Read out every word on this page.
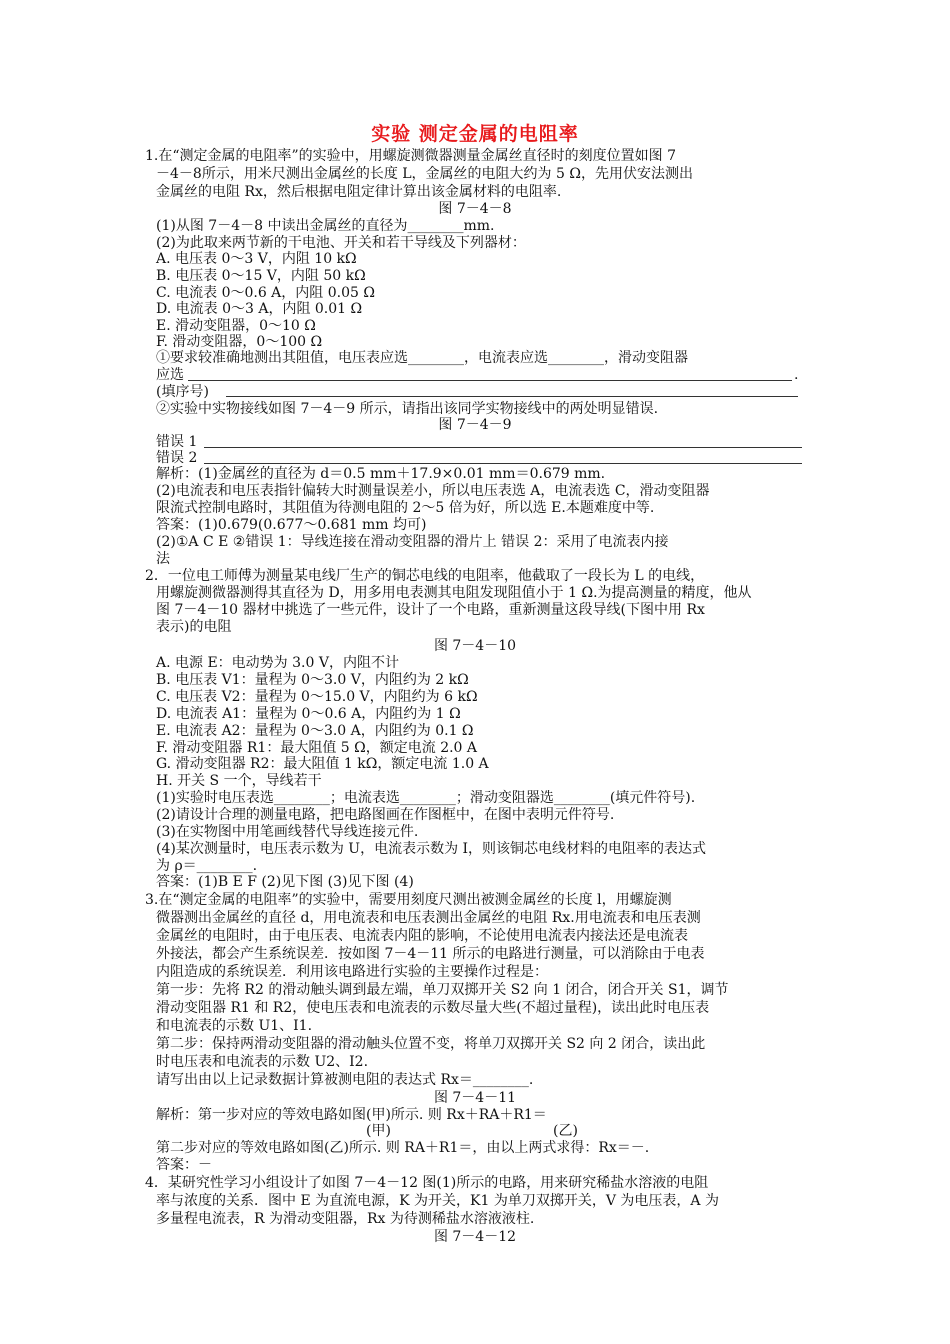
实验 测定金属的电阻率
1.在“测定金属的电阻率”的实验中，用螺旋测微器测量金属丝直径时的刻度位置如图 7
－4－8所示，用米尺测出金属丝的长度 L，金属丝的电阻大约为 5 Ω，先用伏安法测出
金属丝的电阻 Rx，然后根据电阻定律计算出该金属材料的电阻率.
图 7－4－8
(1)从图 7－4－8 中读出金属丝的直径为________mm.
(2)为此取来两节新的干电池、开关和若干导线及下列器材：
A. 电压表 0～3 V，内阻 10 kΩ
B. 电压表 0～15 V，内阻 50 kΩ
C. 电流表 0～0.6 A，内阻 0.05 Ω
D. 电流表 0～3 A，内阻 0.01 Ω
E. 滑动变阻器，0～10 Ω
F. 滑动变阻器，0～100 Ω
①要求较准确地测出其阻值，电压表应选________，电流表应选________，滑动变阻器
应选	.
(填序号)
②实验中实物接线如图 7－4－9 所示，请指出该同学实物接线中的两处明显错误.
图 7－4－9
错误 1
错误 2
解析：(1)金属丝的直径为 d＝0.5 mm＋17.9×0.01 mm＝0.679 mm.
(2)电流表和电压表指针偏转大时测量误差小，所以电压表选 A，电流表选 C，滑动变阻器
限流式控制电路时，其阻值为待测电阻的 2～5 倍为好，所以选 E.本题难度中等.
答案：(1)0.679(0.677～0.681 mm 均可)
(2)①A C E ②错误 1：导线连接在滑动变阻器的滑片上 错误 2：采用了电流表内接
法
2．一位电工师傅为测量某电线厂生产的铜芯电线的电阻率，他截取了一段长为 L 的电线，
用螺旋测微器测得其直径为 D，用多用电表测其电阻发现阻值小于 1 Ω.为提高测量的精度，他从
图 7－4－10 器材中挑选了一些元件，设计了一个电路，重新测量这段导线(下图中用 Rx
表示)的电阻
图 7－4－10
A. 电源 E：电动势为 3.0 V，内阻不计
B. 电压表 V1：量程为 0～3.0 V，内阻约为 2 kΩ
C. 电压表 V2：量程为 0～15.0 V，内阻约为 6 kΩ
D. 电流表 A1：量程为 0～0.6 A，内阻约为 1 Ω
E. 电流表 A2：量程为 0～3.0 A，内阻约为 0.1 Ω
F. 滑动变阻器 R1：最大阻值 5 Ω，额定电流 2.0 A
G. 滑动变阻器 R2：最大阻值 1 kΩ，额定电流 1.0 A
H. 开关 S 一个，导线若干
(1)实验时电压表选________；电流表选________；滑动变阻器选________(填元件符号).
(2)请设计合理的测量电路，把电路图画在作图框中，在图中表明元件符号.
(3)在实物图中用笔画线替代导线连接元件.
(4)某次测量时，电压表示数为 U，电流表示数为 I，则该铜芯电线材料的电阻率的表达式
为 ρ＝________.
答案：(1)B E F (2)见下图 (3)见下图 (4)
3.在“测定金属的电阻率”的实验中，需要用刻度尺测出被测金属丝的长度 l，用螺旋测
微器测出金属丝的直径 d，用电流表和电压表测出金属丝的电阻 Rx.用电流表和电压表测
金属丝的电阻时，由于电压表、电流表内阻的影响，不论使用电流表内接法还是电流表
外接法，都会产生系统误差．按如图 7－4－11 所示的电路进行测量，可以消除由于电表
内阻造成的系统误差．利用该电路进行实验的主要操作过程是：
第一步：先将 R2 的滑动触头调到最左端，单刀双掷开关 S2 向 1 闭合，闭合开关 S1，调节
滑动变阻器 R1 和 R2，使电压表和电流表的示数尽量大些(不超过量程)，读出此时电压表
和电流表的示数 U1、I1.
第二步：保持两滑动变阻器的滑动触头位置不变，将单刀双掷开关 S2 向 2 闭合，读出此
时电压表和电流表的示数 U2、I2.
请写出由以上记录数据计算被测电阻的表达式 Rx＝________.
图 7－4－11
解析：第一步对应的等效电路如图(甲)所示. 则 Rx＋RA＋R1＝
(甲)	(乙)
第二步对应的等效电路如图(乙)所示. 则 RA＋R1＝，由以上两式求得：Rx＝－.
答案：－
4．某研究性学习小组设计了如图 7－4－12 图(1)所示的电路，用来研究稀盐水溶液的电阻
率与浓度的关系．图中 E 为直流电源，K 为开关，K1 为单刀双掷开关，V 为电压表，A 为
多量程电流表，R 为滑动变阻器，Rx 为待测稀盐水溶液液柱.
图 7－4－12
